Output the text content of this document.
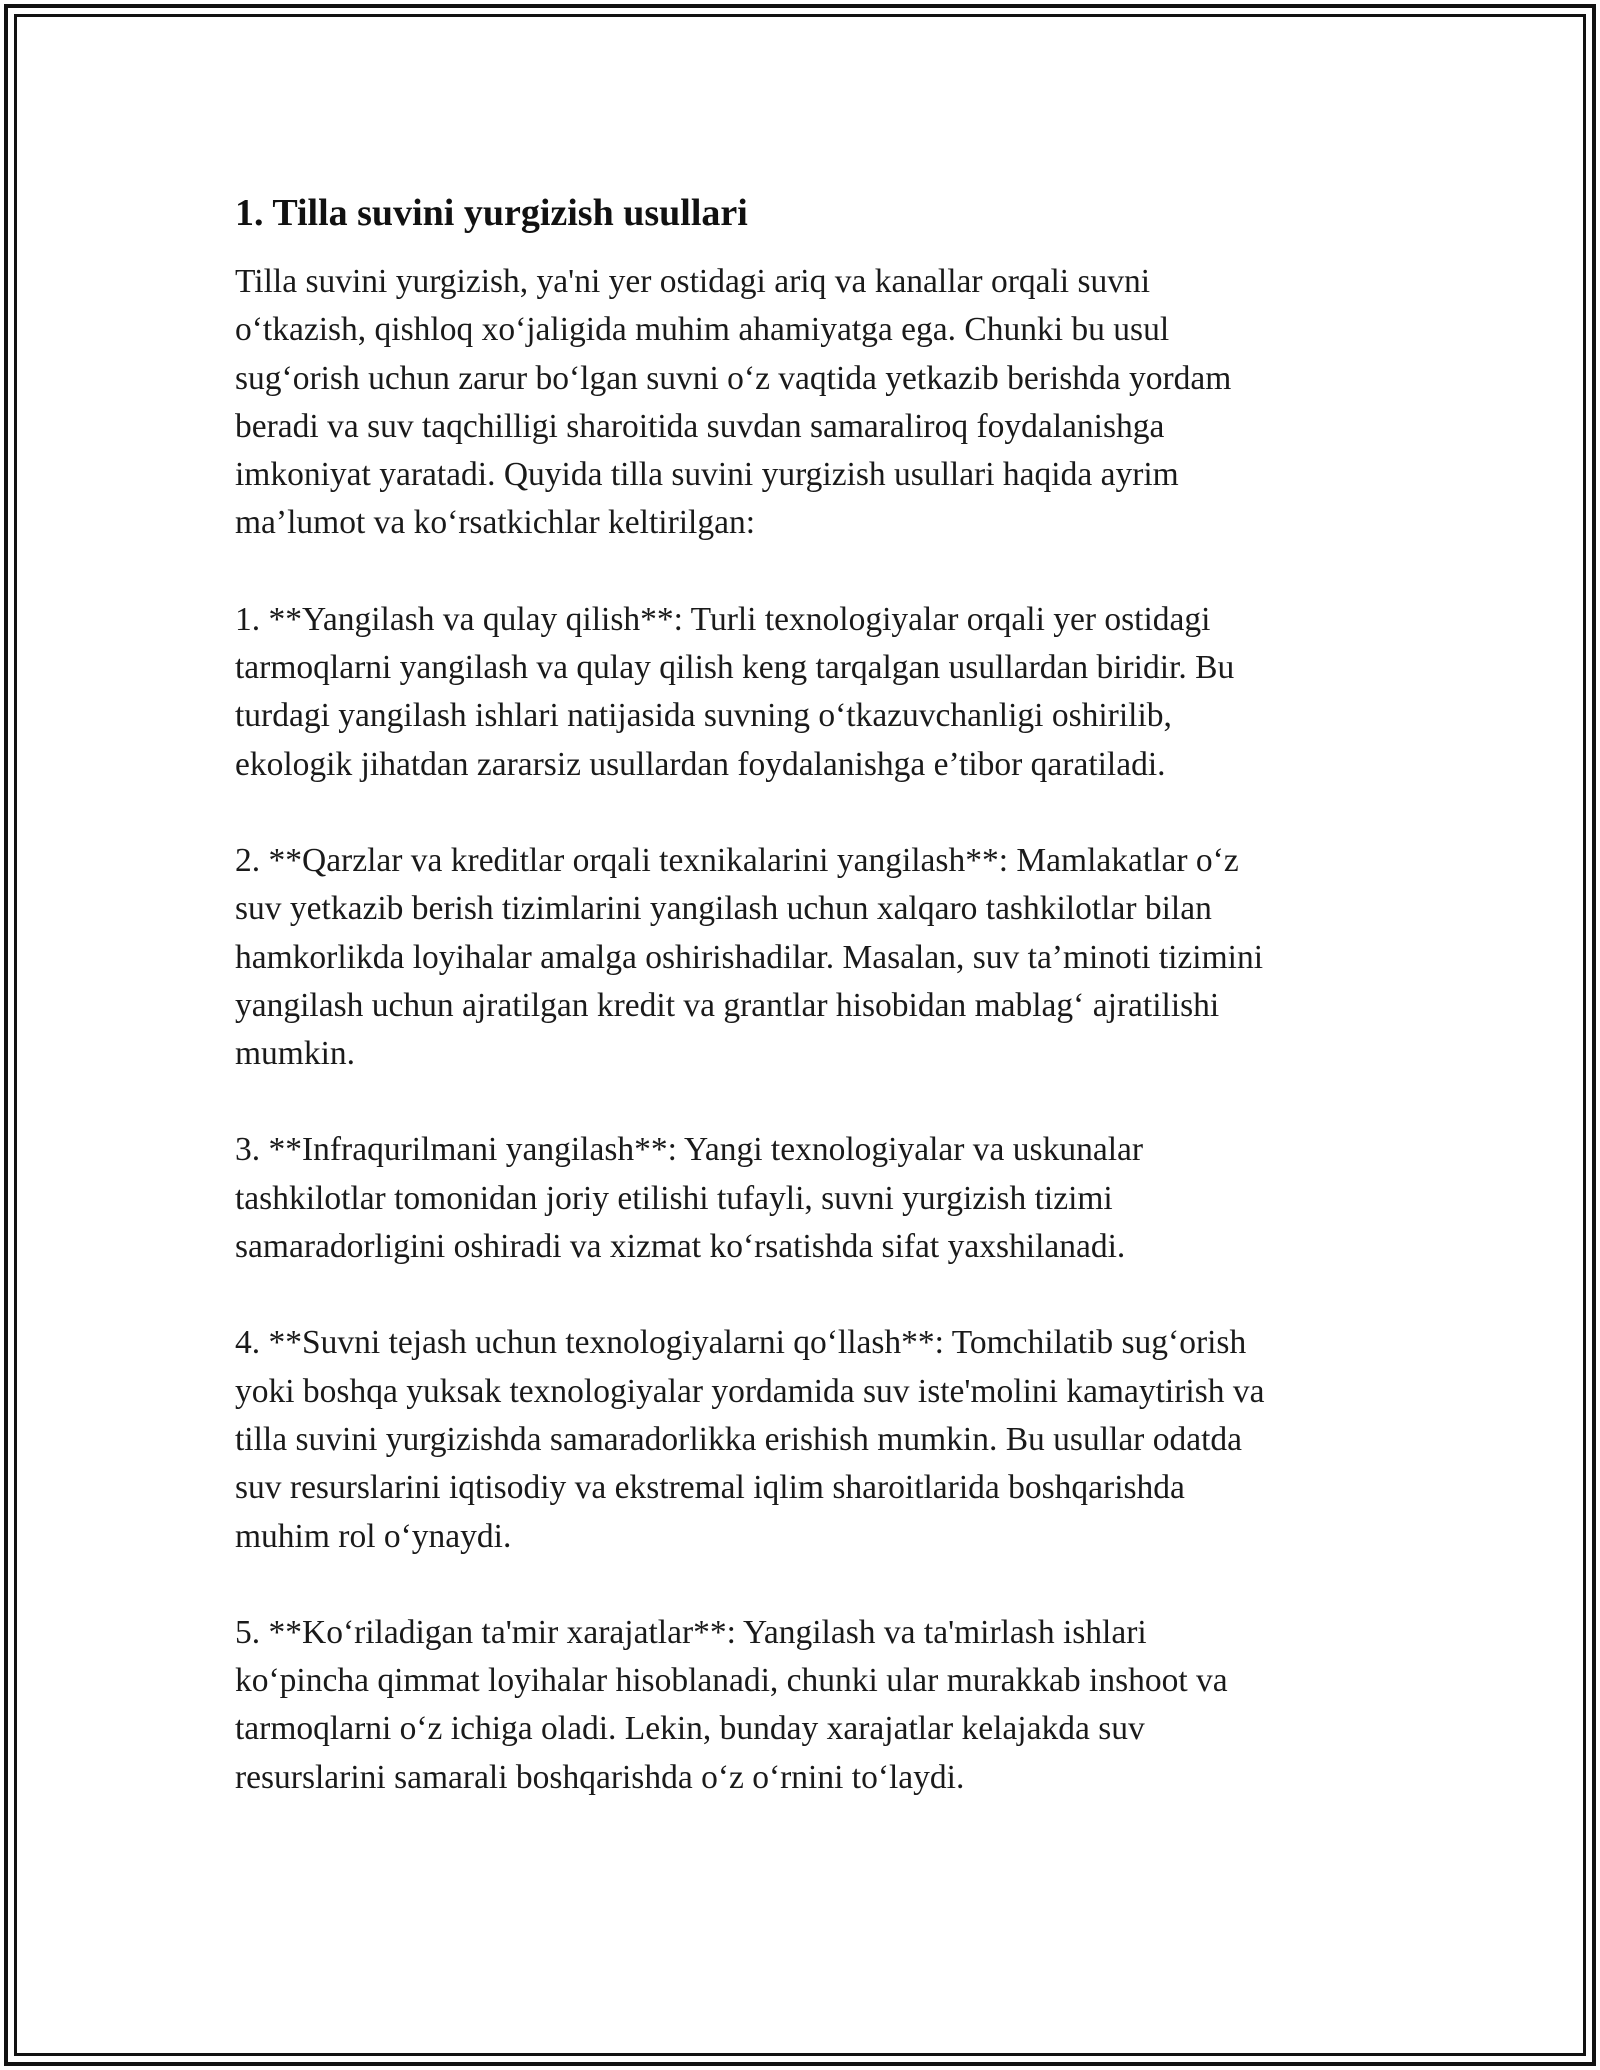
1. Tilla suvini yurgizish usullari

Tilla suvini yurgizish, ya'ni yer ostidagi ariq va kanallar orqali suvni
o‘tkazish, qishloq xo‘jaligida muhim ahamiyatga ega. Chunki bu usul
sug‘orish uchun zarur bo‘lgan suvni o‘z vaqtida yetkazib berishda yordam
beradi va suv taqchilligi sharoitida suvdan samaraliroq foydalanishga
imkoniyat yaratadi. Quyida tilla suvini yurgizish usullari haqida ayrim
ma’lumot va ko‘rsatkichlar keltirilgan:

1. **Yangilash va qulay qilish**: Turli texnologiyalar orqali yer ostidagi
tarmoqlarni yangilash va qulay qilish keng tarqalgan usullardan biridir. Bu
turdagi yangilash ishlari natijasida suvning o‘tkazuvchanligi oshirilib,
ekologik jihatdan zararsiz usullardan foydalanishga e’tibor qaratiladi.

2. **Qarzlar va kreditlar orqali texnikalarini yangilash**: Mamlakatlar o‘z
suv yetkazib berish tizimlarini yangilash uchun xalqaro tashkilotlar bilan
hamkorlikda loyihalar amalga oshirishadilar. Masalan, suv ta’minoti tizimini
yangilash uchun ajratilgan kredit va grantlar hisobidan mablag‘ ajratilishi
mumkin.

3. **Infraqurilmani yangilash**: Yangi texnologiyalar va uskunalar
tashkilotlar tomonidan joriy etilishi tufayli, suvni yurgizish tizimi
samaradorligini oshiradi va xizmat ko‘rsatishda sifat yaxshilanadi.

4. **Suvni tejash uchun texnologiyalarni qo‘llash**: Tomchilatib sug‘orish
yoki boshqa yuksak texnologiyalar yordamida suv iste'molini kamaytirish va
tilla suvini yurgizishda samaradorlikka erishish mumkin. Bu usullar odatda
suv resurslarini iqtisodiy va ekstremal iqlim sharoitlarida boshqarishda
muhim rol o‘ynaydi.

5. **Ko‘riladigan ta'mir xarajatlar**: Yangilash va ta'mirlash ishlari
ko‘pincha qimmat loyihalar hisoblanadi, chunki ular murakkab inshoot va
tarmoqlarni o‘z ichiga oladi. Lekin, bunday xarajatlar kelajakda suv
resurslarini samarali boshqarishda o‘z o‘rnini to‘laydi.
